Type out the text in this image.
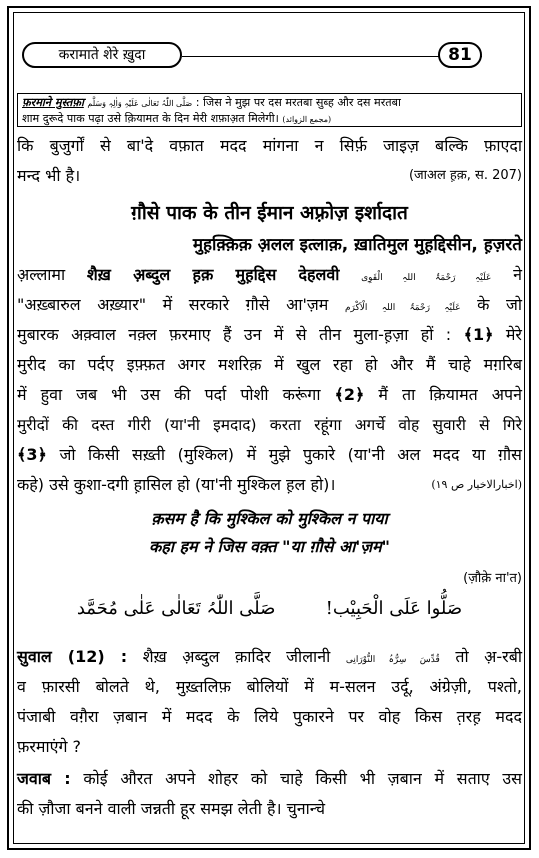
करामाते शेरे ख़ुदा	81
फ़रमाने मुस्तफ़ा صَلَّی اللّٰہُ تَعَالٰی عَلَیْہِ وَاٰلِہٖ وَسَلَّم : जिस ने मुझ पर दस मरतबा सुब्ह और दस मरतबा
शाम दुरूदे पाक पढ़ा उसे क़ियामत के दिन मेरी शफ़ाअ़त मिलेगी। (مجمع الزوائد)
कि बुजुर्गों से बा'दे वफ़ात मदद मांगना न सिर्फ़ जाइज़ बल्कि फ़ाएदा
मन्द भी है।	(जाअल ह़क़, स. 207)
ग़ौसे पाक के तीन ईमान अफ़्रोज़ इर्शादात
मुह़क़्क़िक़ अ़लल इत्लाक़, ख़ातिमुल मुह़द्दिसीन, ह़ज़रते
अ़ल्लामा शैख़ अ़ब्दुल ह़क़ मुह़द्दिस देहलवी عَلَیْہِ رَحْمَۃُ اللہِ الْقَوِی ने
"अख़्बारुल अख़्यार" में सरकारे ग़ौसे आ'ज़म عَلَیْہِ رَحْمَۃُ اللہِ الْاَکْرَم के जो
मुबारक अक़्वाल नक़्ल फ़रमाए हैं उन में से तीन मुला-ह़ज़ा हों : ﴾1﴿ मेरे
मुरीद का पर्दए इफ़्फ़त अगर मशरिक़ में खुल रहा हो और मैं चाहे मग़रिब
में हुवा जब भी उस की पर्दा पोशी करूंगा ﴾2﴿ मैं ता क़ियामत अपने
मुरीदों की दस्त गीरी (या'नी इमदाद) करता रहूंगा अगर्चे वोह सुवारी से गिरे
﴾3﴿ जो किसी सख़्ती (मुश्किल) में मुझे पुकारे (या'नी अल मदद या ग़ौस
कहे) उसे कुशा-दगी ह़ासिल हो (या'नी मुश्किल ह़ल हो)।	(اخبارالاخیار ص ۱۹)
क़सम है कि मुश्किल को मुश्किल न पाया
कहा हम ने जिस वक़्त "या ग़ौसे आ'ज़म"
(ज़ौक़े ना'त)
صَلُّوا عَلَی الْحَبِیْب!  صَلَّی اللّٰہُ تَعَالٰی عَلٰی مُحَمَّد
सुवाल (12) : शैख़ अ़ब्दुल क़ादिर जीलानी قُدِّسَ سِرُّہُ النُّوْرَانِی तो अ़-रबी
व फ़ारसी बोलते थे, मुख़्तलिफ़ बोलियों में म-सलन उर्दू, अंग्रेज़ी, पश्तो,
पंजाबी वग़ैरा ज़बान में मदद के लिये पुकारने पर वोह किस त़रह़ मदद
फ़रमाएंगे ?
जवाब : कोई औरत अपने शोहर को चाहे किसी भी ज़बान में सताए उस
की ज़ौजा बनने वाली जन्नती हूर समझ लेती है। चुनान्चे
